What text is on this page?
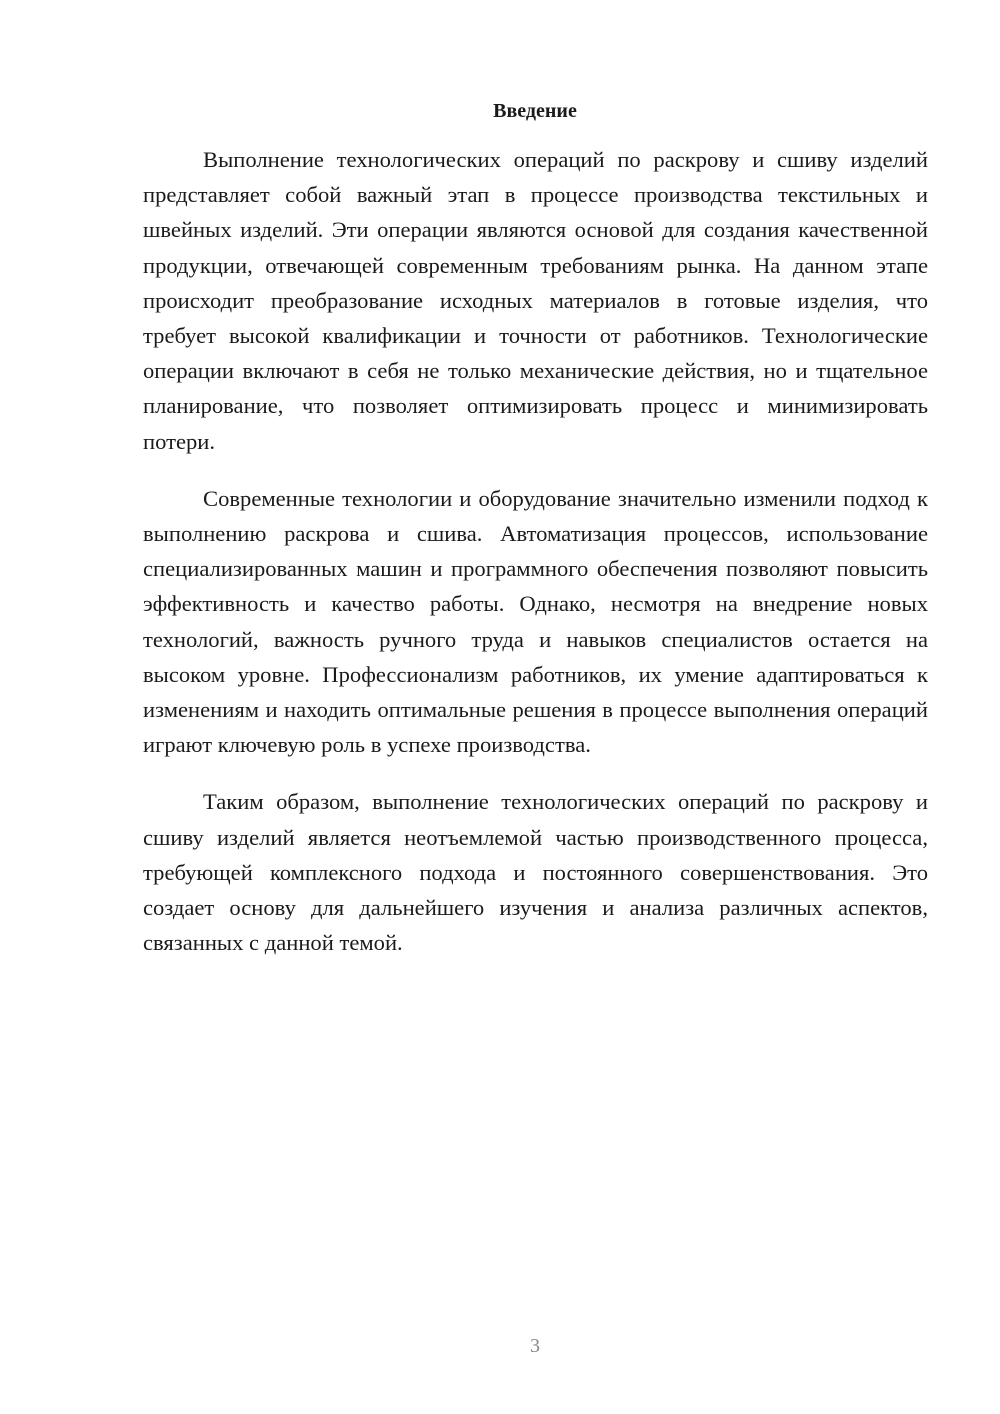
Введение

Выполнение технологических операций по раскрову и сшиву изделий представляет собой важный этап в процессе производства текстильных и швейных изделий. Эти операции являются основой для создания качественной продукции, отвечающей современным требованиям рынка. На данном этапе происходит преобразование исходных материалов в готовые изделия, что требует высокой квалификации и точности от работников. Технологические операции включают в себя не только механические действия, но и тщательное планирование, что позволяет оптимизировать процесс и минимизировать потери.

Современные технологии и оборудование значительно изменили подход к выполнению раскрова и сшива. Автоматизация процессов, использование специализированных машин и программного обеспечения позволяют повысить эффективность и качество работы. Однако, несмотря на внедрение новых технологий, важность ручного труда и навыков специалистов остается на высоком уровне. Профессионализм работников, их умение адаптироваться к изменениям и находить оптимальные решения в процессе выполнения операций играют ключевую роль в успехе производства.

Таким образом, выполнение технологических операций по раскрову и сшиву изделий является неотъемлемой частью производственного процесса, требующей комплексного подхода и постоянного совершенствования. Это создает основу для дальнейшего изучения и анализа различных аспектов, связанных с данной темой.

3
